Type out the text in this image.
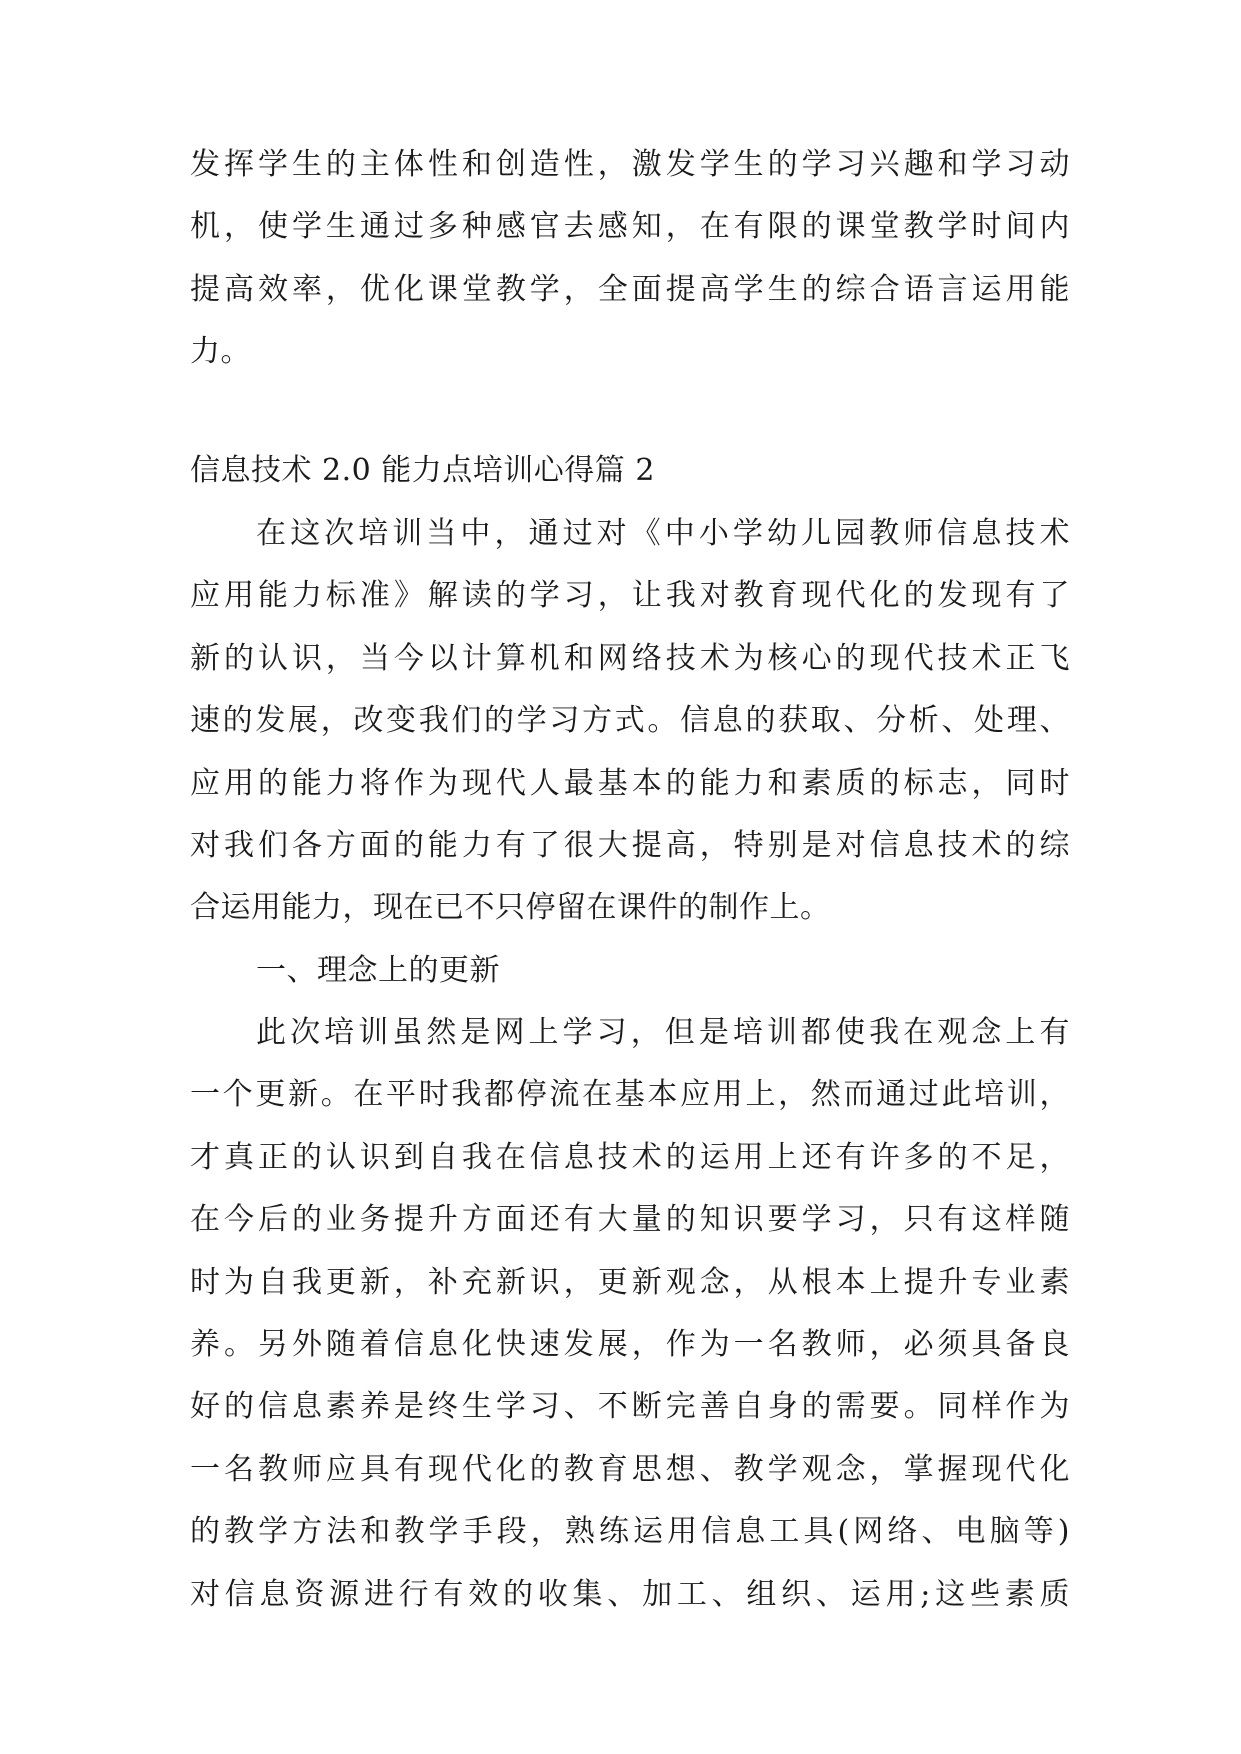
发挥学生的主体性和创造性，激发学生的学习兴趣和学习动
机，使学生通过多种感官去感知，在有限的课堂教学时间内
提高效率，优化课堂教学，全面提高学生的综合语言运用能
力。
信息技术 2.0 能力点培训心得篇 2
在这次培训当中，通过对《中小学幼儿园教师信息技术
应用能力标准》解读的学习，让我对教育现代化的发现有了
新的认识，当今以计算机和网络技术为核心的现代技术正飞
速的发展，改变我们的学习方式。信息的获取、分析、处理、
应用的能力将作为现代人最基本的能力和素质的标志，同时
对我们各方面的能力有了很大提高，特别是对信息技术的综
合运用能力，现在已不只停留在课件的制作上。
一、理念上的更新
此次培训虽然是网上学习，但是培训都使我在观念上有
一个更新。在平时我都停流在基本应用上，然而通过此培训，
才真正的认识到自我在信息技术的运用上还有许多的不足，
在今后的业务提升方面还有大量的知识要学习，只有这样随
时为自我更新，补充新识，更新观念，从根本上提升专业素
养。另外随着信息化快速发展，作为一名教师，必须具备良
好的信息素养是终生学习、不断完善自身的需要。同样作为
一名教师应具有现代化的教育思想、教学观念，掌握现代化
的教学方法和教学手段，熟练运用信息工具(网络、电脑等)
对信息资源进行有效的收集、加工、组织、运用;这些素质
